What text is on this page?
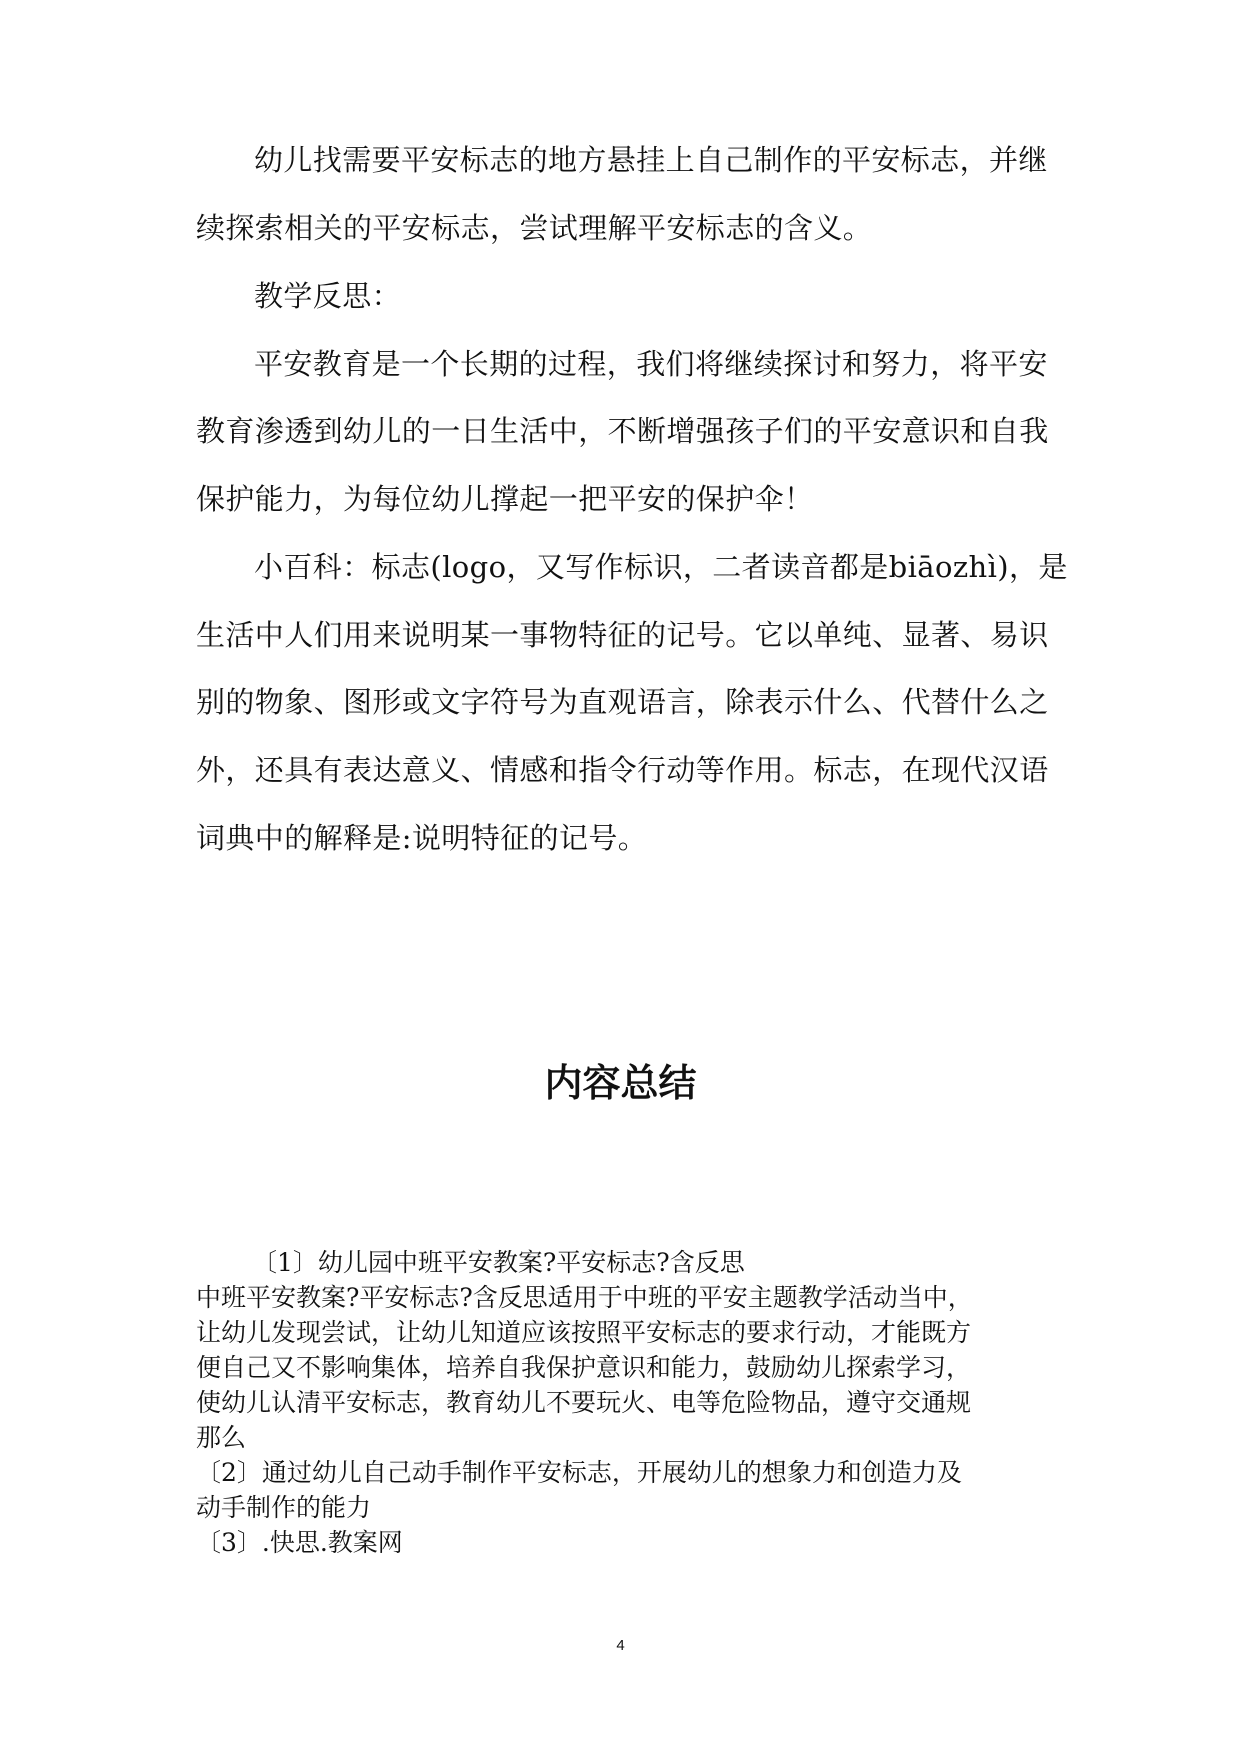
幼儿找需要平安标志的地方悬挂上自己制作的平安标志，并继
续探索相关的平安标志，尝试理解平安标志的含义。
教学反思：
平安教育是一个长期的过程，我们将继续探讨和努力，将平安
教育渗透到幼儿的一日生活中，不断增强孩子们的平安意识和自我
保护能力，为每位幼儿撑起一把平安的保护伞！
小百科：标志(logo，又写作标识，二者读音都是biāozhì)，是
生活中人们用来说明某一事物特征的记号。它以单纯、显著、易识
别的物象、图形或文字符号为直观语言，除表示什么、代替什么之
外，还具有表达意义、情感和指令行动等作用。标志，在现代汉语
词典中的解释是:说明特征的记号。
内容总结
〔1〕幼儿园中班平安教案?平安标志?含反思
中班平安教案?平安标志?含反思适用于中班的平安主题教学活动当中，
让幼儿发现尝试，让幼儿知道应该按照平安标志的要求行动，才能既方
便自己又不影响集体，培养自我保护意识和能力，鼓励幼儿探索学习，
使幼儿认清平安标志，教育幼儿不要玩火、电等危险物品，遵守交通规
那么
〔2〕通过幼儿自己动手制作平安标志，开展幼儿的想象力和创造力及
动手制作的能力
〔3〕.快思.教案网
4
